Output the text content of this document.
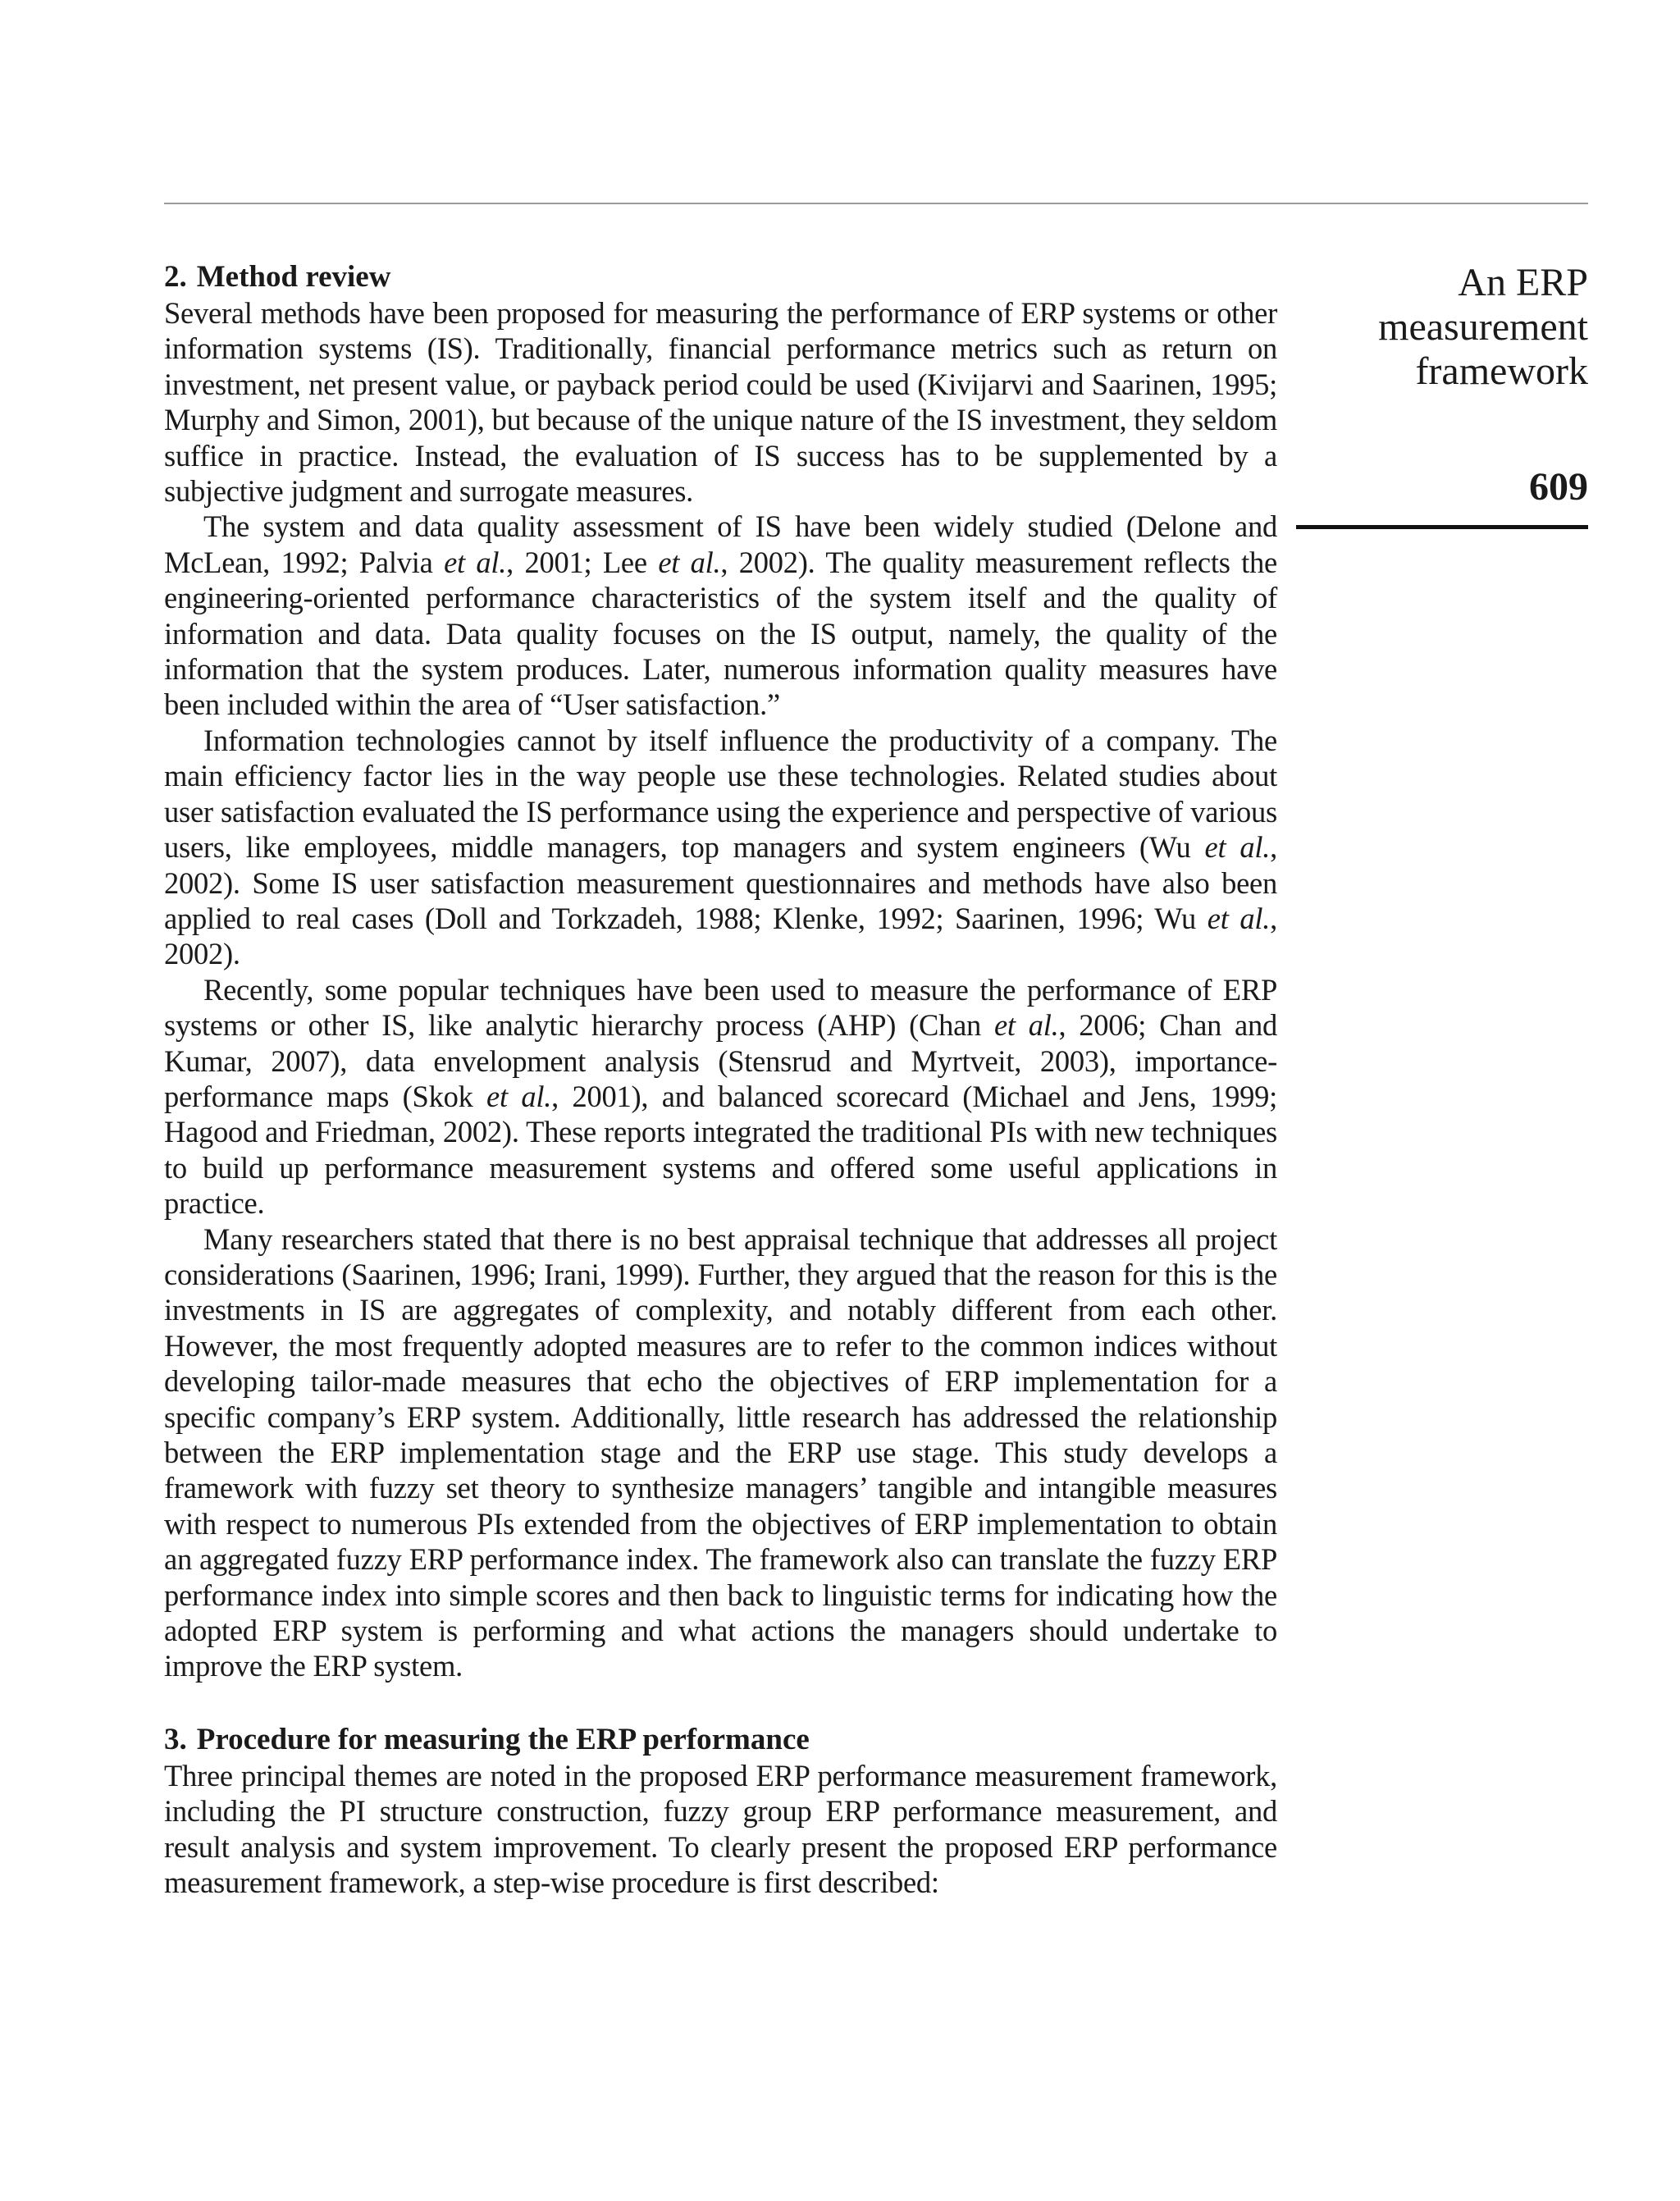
An ERP
measurement
framework
609
2. Method review

Several methods have been proposed for measuring the performance of ERP systems or other information systems (IS). Traditionally, financial performance metrics such as return on investment, net present value, or payback period could be used (Kivijarvi and Saarinen, 1995; Murphy and Simon, 2001), but because of the unique nature of the IS investment, they seldom suffice in practice. Instead, the evaluation of IS success has to be supplemented by a subjective judgment and surrogate measures.

The system and data quality assessment of IS have been widely studied (Delone and McLean, 1992; Palvia et al., 2001; Lee et al., 2002). The quality measurement reflects the engineering-oriented performance characteristics of the system itself and the quality of information and data. Data quality focuses on the IS output, namely, the quality of the information that the system produces. Later, numerous information quality measures have been included within the area of “User satisfaction.”

Information technologies cannot by itself influence the productivity of a company. The main efficiency factor lies in the way people use these technologies. Related studies about user satisfaction evaluated the IS performance using the experience and perspective of various users, like employees, middle managers, top managers and system engineers (Wu et al., 2002). Some IS user satisfaction measurement questionnaires and methods have also been applied to real cases (Doll and Torkzadeh, 1988; Klenke, 1992; Saarinen, 1996; Wu et al., 2002).

Recently, some popular techniques have been used to measure the performance of ERP systems or other IS, like analytic hierarchy process (AHP) (Chan et al., 2006; Chan and Kumar, 2007), data envelopment analysis (Stensrud and Myrtveit, 2003), importance-performance maps (Skok et al., 2001), and balanced scorecard (Michael and Jens, 1999; Hagood and Friedman, 2002). These reports integrated the traditional PIs with new techniques to build up performance measurement systems and offered some useful applications in practice.

Many researchers stated that there is no best appraisal technique that addresses all project considerations (Saarinen, 1996; Irani, 1999). Further, they argued that the reason for this is the investments in IS are aggregates of complexity, and notably different from each other. However, the most frequently adopted measures are to refer to the common indices without developing tailor-made measures that echo the objectives of ERP implementation for a specific company’s ERP system. Additionally, little research has addressed the relationship between the ERP implementation stage and the ERP use stage. This study develops a framework with fuzzy set theory to synthesize managers’ tangible and intangible measures with respect to numerous PIs extended from the objectives of ERP implementation to obtain an aggregated fuzzy ERP performance index. The framework also can translate the fuzzy ERP performance index into simple scores and then back to linguistic terms for indicating how the adopted ERP system is performing and what actions the managers should undertake to improve the ERP system.

3. Procedure for measuring the ERP performance

Three principal themes are noted in the proposed ERP performance measurement framework, including the PI structure construction, fuzzy group ERP performance measurement, and result analysis and system improvement. To clearly present the proposed ERP performance measurement framework, a step-wise procedure is first described:
